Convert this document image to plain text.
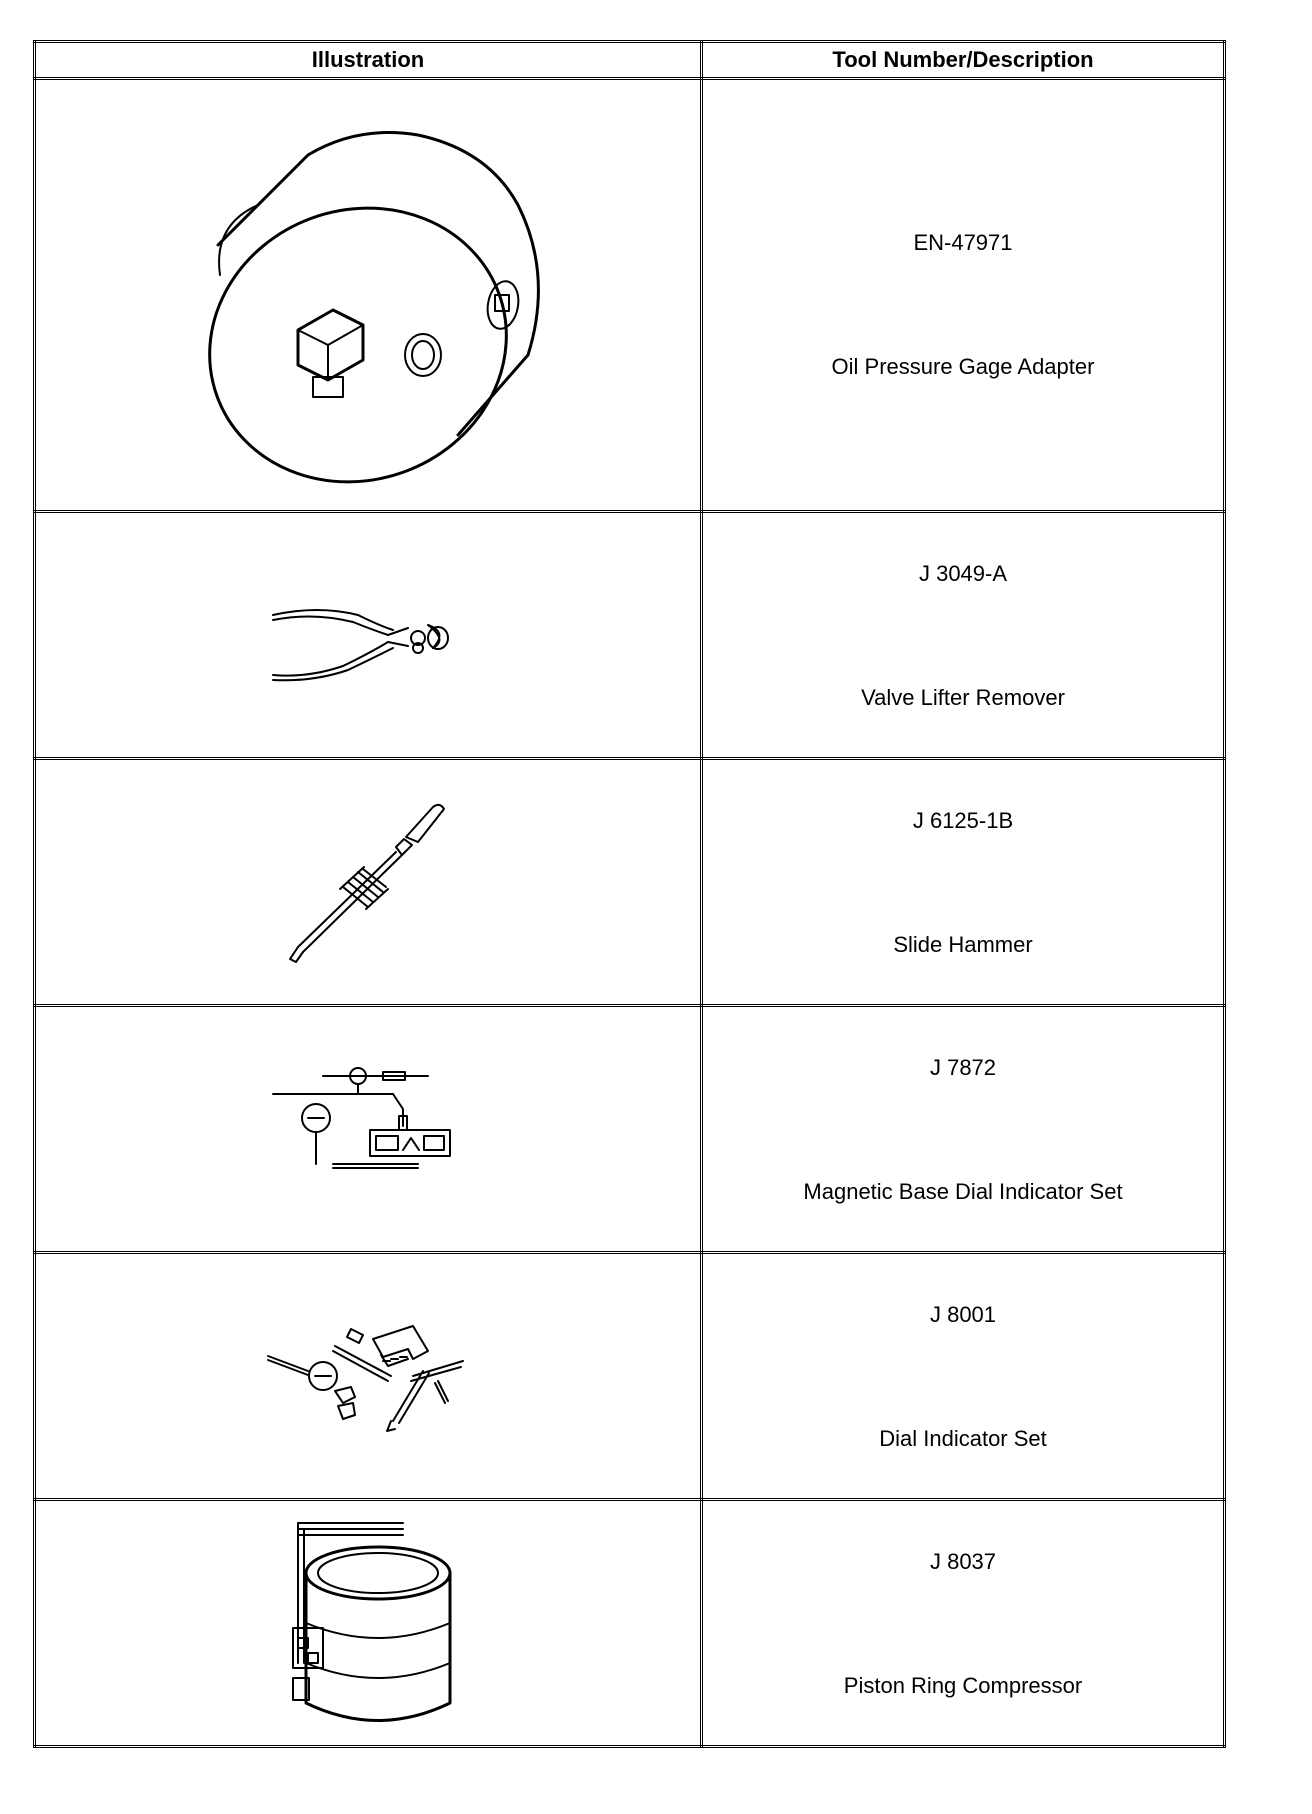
Illustration	Tool Number/Description

EN-47971
Oil Pressure Gage Adapter

J 3049-A
Valve Lifter Remover

J 6125-1B
Slide Hammer

J 7872
Magnetic Base Dial Indicator Set

J 8001
Dial Indicator Set

J 8037
Piston Ring Compressor
